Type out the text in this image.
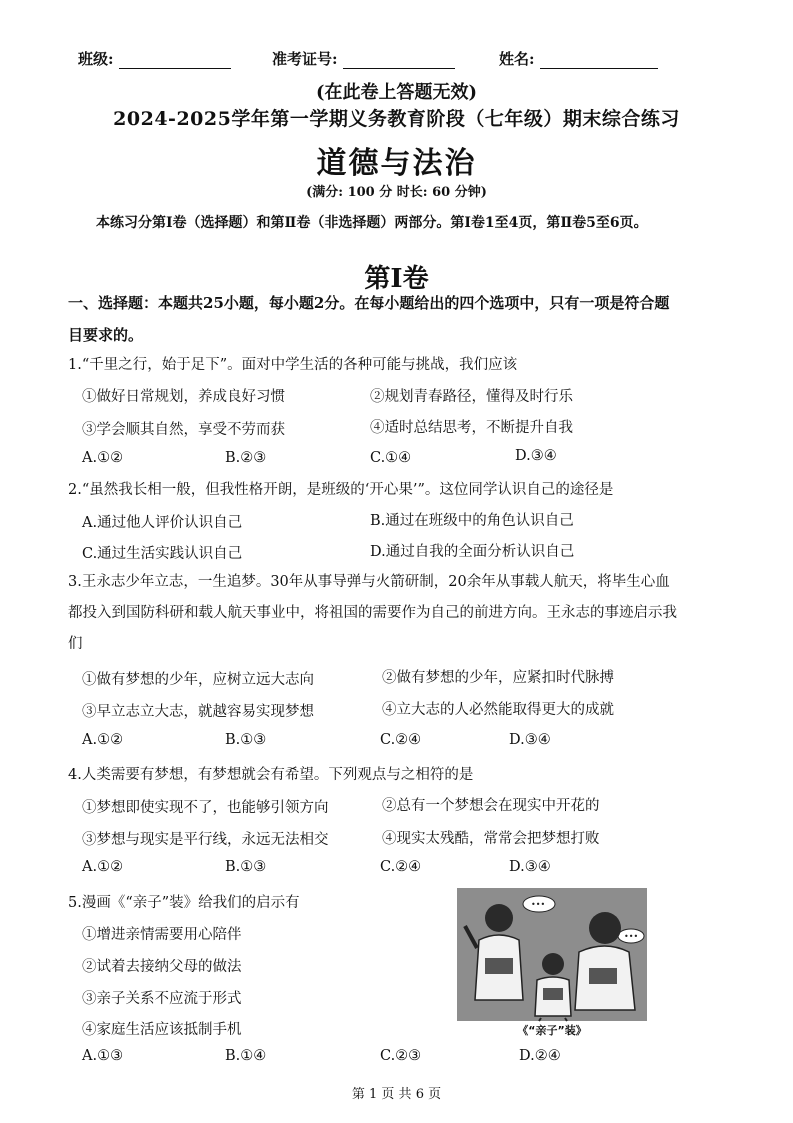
班级:	准考证号:	姓名:
(在此卷上答题无效)
2024-2025学年第一学期义务教育阶段（七年级）期末综合练习
道德与法治
(满分: 100 分 时长: 60 分钟)
本练习分第Ⅰ卷（选择题）和第Ⅱ卷（非选择题）两部分。第Ⅰ卷1至4页，第Ⅱ卷5至6页。
第Ⅰ卷
一、选择题：本题共25小题，每小题2分。在每小题给出的四个选项中，只有一项是符合题目要求的。
1.“千里之行，始于足下”。面对中学生活的各种可能与挑战，我们应该
①做好日常规划，养成良好习惯	②规划青春路径，懂得及时行乐
③学会顺其自然，享受不劳而获	④适时总结思考，不断提升自我
A.①②	B.②③	C.①④	D.③④
2.“虽然我长相一般，但我性格开朗，是班级的‘开心果’”。这位同学认识自己的途径是
A.通过他人评价认识自己	B.通过在班级中的角色认识自己
C.通过生活实践认识自己	D.通过自我的全面分析认识自己
3.王永志少年立志，一生追梦。30年从事导弹与火箭研制，20余年从事载人航天，将毕生心血都投入到国防科研和载人航天事业中，将祖国的需要作为自己的前进方向。王永志的事迹启示我们
①做有梦想的少年，应树立远大志向	②做有梦想的少年，应紧扣时代脉搏
③早立志立大志，就越容易实现梦想	④立大志的人必然能取得更大的成就
A.①②	B.①③	C.②④	D.③④
4.人类需要有梦想，有梦想就会有希望。下列观点与之相符的是
①梦想即使实现不了，也能够引领方向	②总有一个梦想会在现实中开花的
③梦想与现实是平行线，永远无法相交	④现实太残酷，常常会把梦想打败
A.①②	B.①③	C.②④	D.③④
5.漫画《“亲子”装》给我们的启示有
①增进亲情需要用心陪伴
②试着去接纳父母的做法
③亲子关系不应流于形式
④家庭生活应该抵制手机
A.①③	B.①④	C.②③	D.②④
•••
•••
《“亲子”装》
第 1 页 共 6 页
